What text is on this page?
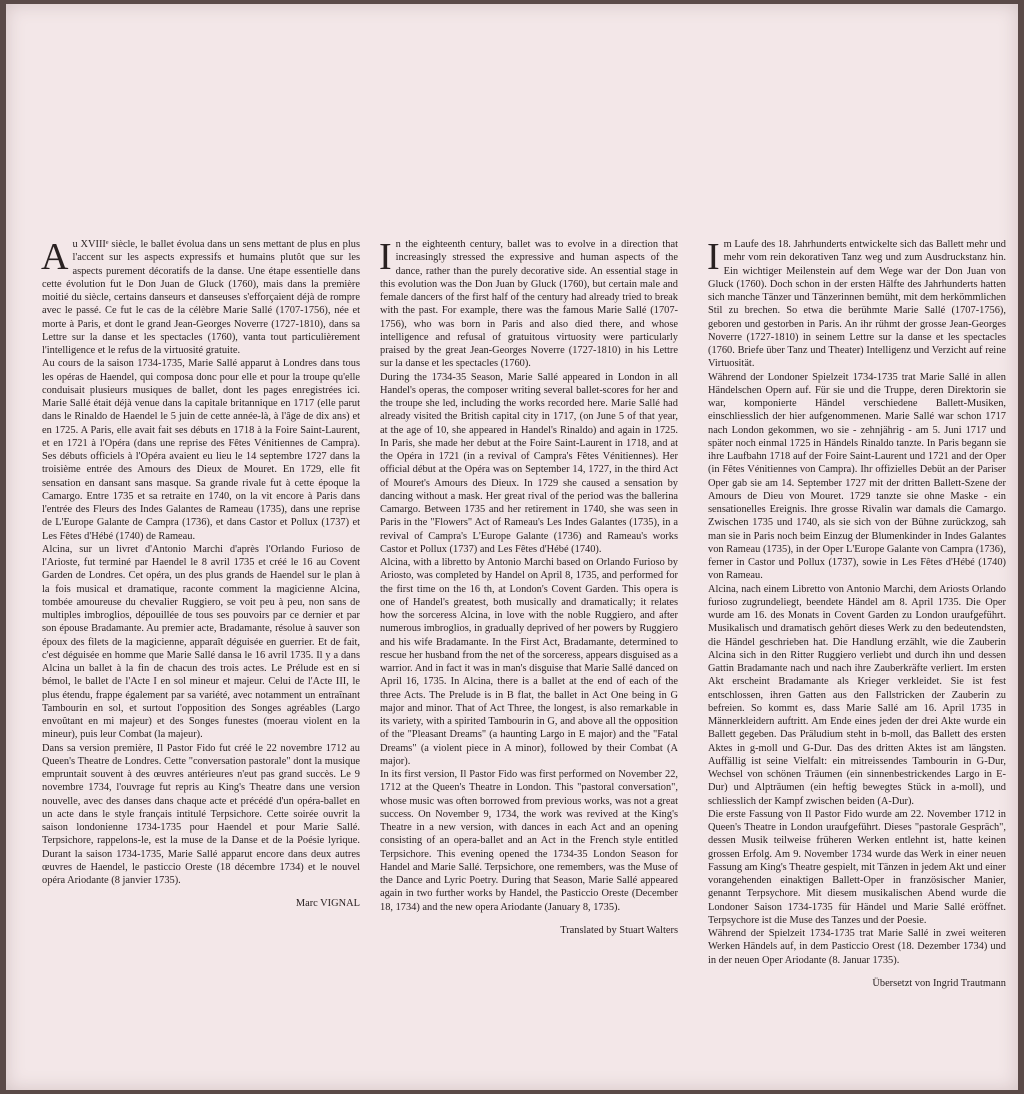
Au XVIIIᵉ siècle, le ballet évolua dans un sens mettant de plus en plus l'accent sur les aspects expressifs et humains plutôt que sur les aspects purement décoratifs de la danse. Une étape essentielle dans cette évolution fut le Don Juan de Gluck (1760), mais dans la première moitié du siècle, certains danseurs et danseuses s'efforçaient déjà de rompre avec le passé. Ce fut le cas de la célèbre Marie Sallé (1707-1756), née et morte à Paris, et dont le grand Jean-Georges Noverre (1727-1810), dans sa Lettre sur la danse et les spectacles (1760), vanta tout particulièrement l'intelligence et le refus de la virtuosité gratuite.

Au cours de la saison 1734-1735, Marie Sallé apparut à Londres dans tous les opéras de Haendel, qui composa donc pour elle et pour la troupe qu'elle conduisait plusieurs musiques de ballet, dont les pages enregistrées ici. Marie Sallé était déjà venue dans la capitale britannique en 1717 (elle parut dans le Rinaldo de Haendel le 5 juin de cette année-là, à l'âge de dix ans) et en 1725. A Paris, elle avait fait ses débuts en 1718 à la Foire Saint-Laurent, et en 1721 à l'Opéra (dans une reprise des Fêtes Vénitiennes de Campra). Ses débuts officiels à l'Opéra avaient eu lieu le 14 septembre 1727 dans la troisième entrée des Amours des Dieux de Mouret. En 1729, elle fit sensation en dansant sans masque. Sa grande rivale fut à cette époque la Camargo. Entre 1735 et sa retraite en 1740, on la vit encore à Paris dans l'entrée des Fleurs des Indes Galantes de Rameau (1735), dans une reprise de L'Europe Galante de Campra (1736), et dans Castor et Pollux (1737) et Les Fêtes d'Hébé (1740) de Rameau.

Alcina, sur un livret d'Antonio Marchi d'après l'Orlando Furioso de l'Arioste, fut terminé par Haendel le 8 avril 1735 et créé le 16 au Covent Garden de Londres. Cet opéra, un des plus grands de Haendel sur le plan à la fois musical et dramatique, raconte comment la magicienne Alcina, tombée amoureuse du chevalier Ruggiero, se voit peu à peu, non sans de multiples imbroglios, dépouillée de tous ses pouvoirs par ce dernier et par son épouse Bradamante. Au premier acte, Bradamante, résolue à sauver son époux des filets de la magicienne, apparaît déguisée en guerrier. Et de fait, c'est déguisée en homme que Marie Sallé dansa le 16 avril 1735. Il y a dans Alcina un ballet à la fin de chacun des trois actes. Le Prélude est en si bémol, le ballet de l'Acte I en sol mineur et majeur. Celui de l'Acte III, le plus étendu, frappe également par sa variété, avec notamment un entraînant Tambourin en sol, et surtout l'opposition des Songes agréables (Largo envoûtant en mi majeur) et des Songes funestes (moerau violent en la mineur), puis leur Combat (la majeur).

Dans sa version première, Il Pastor Fido fut créé le 22 novembre 1712 au Queen's Theatre de Londres. Cette "conversation pastorale" dont la musique empruntait souvent à des œuvres antérieures n'eut pas grand succès. Le 9 novembre 1734, l'ouvrage fut repris au King's Theatre dans une version nouvelle, avec des danses dans chaque acte et précédé d'un opéra-ballet en un acte dans le style français intitulé Terpsichore. Cette soirée ouvrit la saison londonienne 1734-1735 pour Haendel et pour Marie Sallé. Terpsichore, rappelons-le, est la muse de la Danse et de la Poésie lyrique. Durant la saison 1734-1735, Marie Sallé apparut encore dans deux autres œuvres de Haendel, le pasticcio Oreste (18 décembre 1734) et le nouvel opéra Ariodante (8 janvier 1735).

Marc VIGNAL

In the eighteenth century, ballet was to evolve in a direction that increasingly stressed the expressive and human aspects of the dance, rather than the purely decorative side. An essential stage in this evolution was the Don Juan by Gluck (1760), but certain male and female dancers of the first half of the century had already tried to break with the past. For example, there was the famous Marie Sallé (1707-1756), who was born in Paris and also died there, and whose intelligence and refusal of gratuitous virtuosity were particularly praised by the great Jean-Georges Noverre (1727-1810) in his Lettre sur la danse et les spectacles (1760).

During the 1734-35 Season, Marie Sallé appeared in London in all Handel's operas, the composer writing several ballet-scores for her and the troupe she led, including the works recorded here. Marie Sallé had already visited the British capital city in 1717, (on June 5 of that year, at the age of 10, she appeared in Handel's Rinaldo) and again in 1725. In Paris, she made her debut at the Foire Saint-Laurent in 1718, and at the Opéra in 1721 (in a revival of Campra's Fêtes Vénitiennes). Her official début at the Opéra was on September 14, 1727, in the third Act of Mouret's Amours des Dieux. In 1729 she caused a sensation by dancing without a mask. Her great rival of the period was the ballerina Camargo. Between 1735 and her retirement in 1740, she was seen in Paris in the "Flowers" Act of Rameau's Les Indes Galantes (1735), in a revival of Campra's L'Europe Galante (1736) and Rameau's works Castor et Pollux (1737) and Les Fêtes d'Hébé (1740).

Alcina, with a libretto by Antonio Marchi based on Orlando Furioso by Ariosto, was completed by Handel on April 8, 1735, and performed for the first time on the 16 th, at London's Covent Garden. This opera is one of Handel's greatest, both musically and dramatically; it relates how the sorceress Alcina, in love with the noble Ruggiero, and after numerous imbroglios, in gradually deprived of her powers by Ruggiero and his wife Bradamante. In the First Act, Bradamante, determined to rescue her husband from the net of the sorceress, appears disguised as a warrior. And in fact it was in man's disguise that Marie Sallé danced on April 16, 1735. In Alcina, there is a ballet at the end of each of the three Acts. The Prelude is in B flat, the ballet in Act One being in G major and minor. That of Act Three, the longest, is also remarkable in its variety, with a spirited Tambourin in G, and above all the opposition of the "Pleasant Dreams" (a haunting Largo in E major) and the "Fatal Dreams" (a violent piece in A minor), followed by their Combat (A major).

In its first version, Il Pastor Fido was first performed on November 22, 1712 at the Queen's Theatre in London. This "pastoral conversation", whose music was often borrowed from previous works, was not a great success. On November 9, 1734, the work was revived at the King's Theatre in a new version, with dances in each Act and an opening consisting of an opera-ballet and an Act in the French style entitled Terpsichore. This evening opened the 1734-35 London Season for Handel and Marie Sallé. Terpsichore, one remembers, was the Muse of the Dance and Lyric Poetry. During that Season, Marie Sallé appeared again in two further works by Handel, the Pasticcio Oreste (December 18, 1734) and the new opera Ariodante (January 8, 1735).

Translated by Stuart Walters

Im Laufe des 18. Jahrhunderts entwickelte sich das Ballett mehr und mehr vom rein dekorativen Tanz weg und zum Ausdruckstanz hin. Ein wichtiger Meilenstein auf dem Wege war der Don Juan von Gluck (1760). Doch schon in der ersten Hälfte des Jahrhunderts hatten sich manche Tänzer und Tänzerinnen bemüht, mit dem herkömmlichen Stil zu brechen. So etwa die berühmte Marie Sallé (1707-1756), geboren und gestorben in Paris. An ihr rühmt der grosse Jean-Georges Noverre (1727-1810) in seinem Lettre sur la danse et les spectacles (1760. Briefe über Tanz und Theater) Intelligenz und Verzicht auf reine Virtuosität.

Während der Londoner Spielzeit 1734-1735 trat Marie Sallé in allen Händelschen Opern auf. Für sie und die Truppe, deren Direktorin sie war, komponierte Händel verschiedene Ballett-Musiken, einschliesslich der hier aufgenommenen. Marie Sallé war schon 1717 nach London gekommen, wo sie - zehnjährig - am 5. Juni 1717 und später noch einmal 1725 in Händels Rinaldo tanzte. In Paris begann sie ihre Laufbahn 1718 auf der Foire Saint-Laurent und 1721 and der Oper (in Fêtes Vénitiennes von Campra). Ihr offizielles Debüt an der Pariser Oper gab sie am 14. September 1727 mit der dritten Ballett-Szene der Amours de Dieu von Mouret. 1729 tanzte sie ohne Maske - ein sensationelles Ereignis. Ihre grosse Rivalin war damals die Camargo. Zwischen 1735 und 1740, als sie sich von der Bühne zurückzog, sah man sie in Paris noch beim Einzug der Blumenkinder in Indes Galantes von Rameau (1735), in der Oper L'Europe Galante von Campra (1736), ferner in Castor und Pollux (1737), sowie in Les Fêtes d'Hébé (1740) von Rameau.

Alcina, nach einem Libretto von Antonio Marchi, dem Ariosts Orlando furioso zugrundeliegt, beendete Händel am 8. April 1735. Die Oper wurde am 16. des Monats in Covent Garden zu London uraufgeführt. Musikalisch und dramatisch gehört dieses Werk zu den bedeutendsten, die Händel geschrieben hat. Die Handlung erzählt, wie die Zauberin Alcina sich in den Ritter Ruggiero verliebt und durch ihn und dessen Gattin Bradamante nach und nach ihre Zauberkräfte verliert. Im ersten Akt erscheint Bradamante als Krieger verkleidet. Sie ist fest entschlossen, ihren Gatten aus den Fallstricken der Zauberin zu befreien. So kommt es, dass Marie Sallé am 16. April 1735 in Männerkleidern auftritt. Am Ende eines jeden der drei Akte wurde ein Ballett gegeben. Das Präludium steht in b-moll, das Ballett des ersten Aktes in g-moll und G-Dur. Das des dritten Aktes ist am längsten. Auffällig ist seine Vielfalt: ein mitreissendes Tambourin in G-Dur, Wechsel von schönen Träumen (ein sinnenbestrickendes Largo in E-Dur) und Alpträumen (ein heftig bewegtes Stück in a-moll), und schliesslich der Kampf zwischen beiden (A-Dur).

Die erste Fassung von Il Pastor Fido wurde am 22. November 1712 in Queen's Theatre in London uraufgeführt. Dieses "pastorale Gespräch", dessen Musik teilweise früheren Werken entlehnt ist, hatte keinen grossen Erfolg. Am 9. November 1734 wurde das Werk in einer neuen Fassung am King's Theatre gespielt, mit Tänzen in jedem Akt und einer vorangehenden einaktigen Ballett-Oper in französischer Manier, genannt Terpsychore. Mit diesem musikalischen Abend wurde die Londoner Saison 1734-1735 für Händel und Marie Sallé eröffnet. Terpsychore ist die Muse des Tanzes und der Poesie.

Während der Spielzeit 1734-1735 trat Marie Sallé in zwei weiteren Werken Händels auf, in dem Pasticcio Orest (18. Dezember 1734) und in der neuen Oper Ariodante (8. Januar 1735).

Übersetzt von Ingrid Trautmann
